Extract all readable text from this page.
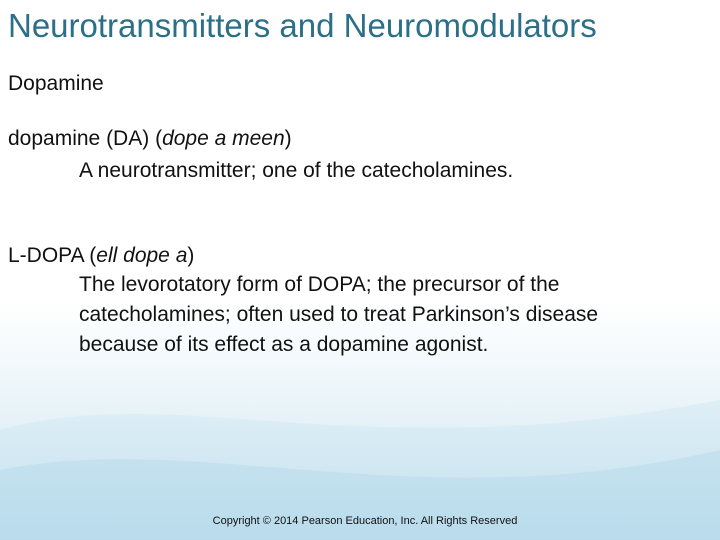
Neurotransmitters and Neuromodulators

Dopamine

dopamine (DA) (dope a meen)

A neurotransmitter; one of the catecholamines.

L-DOPA (ell dope a)

The levorotatory form of DOPA; the precursor of the

catecholamines; often used to treat Parkinson’s disease

because of its effect as a dopamine agonist.

Copyright © 2014 Pearson Education, Inc. All Rights Reserved
